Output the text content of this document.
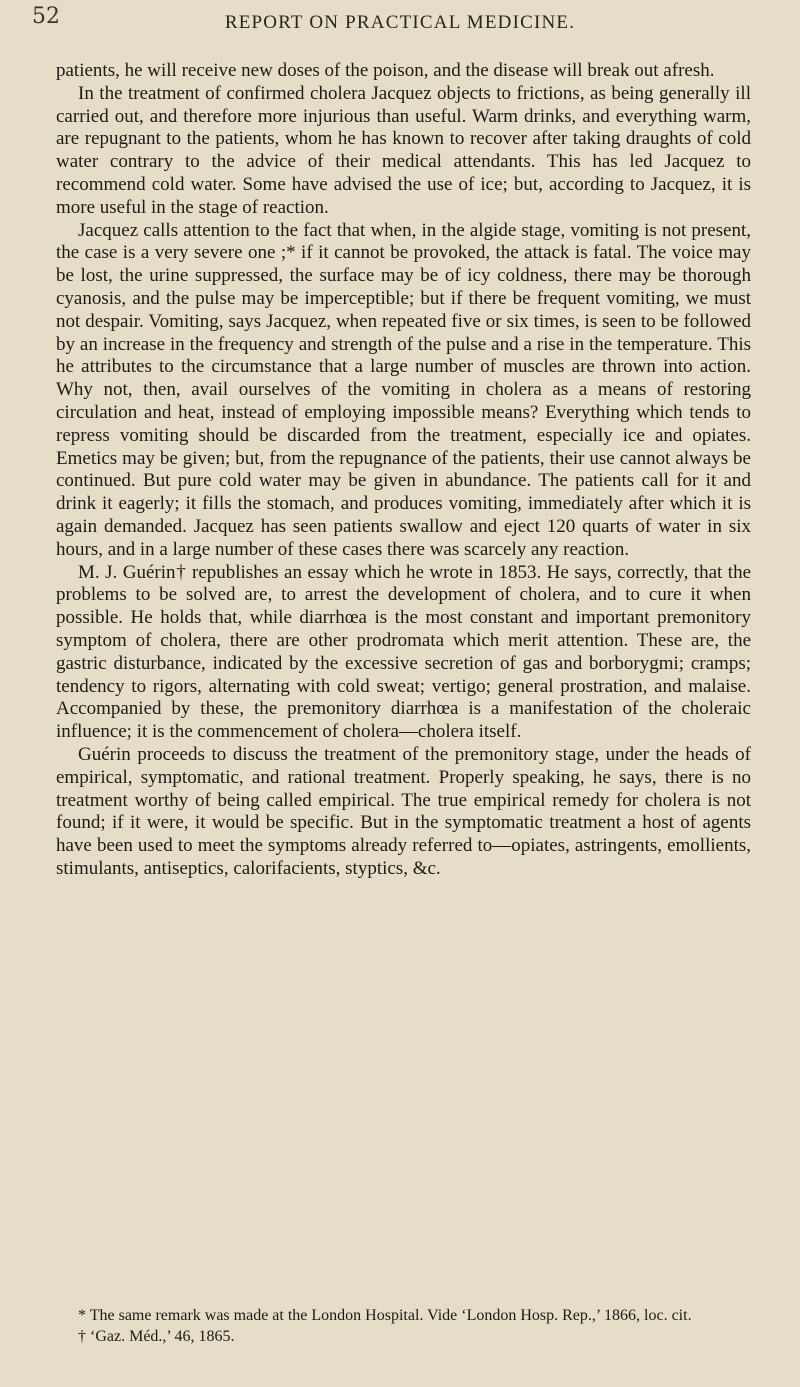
52	REPORT ON PRACTICAL MEDICINE.

patients, he will receive new doses of the poison, and the disease will break out afresh.

In the treatment of confirmed cholera Jacquez objects to frictions, as being generally ill carried out, and therefore more injurious than useful. Warm drinks, and everything warm, are repugnant to the patients, whom he has known to recover after taking draughts of cold water contrary to the advice of their medical attendants. This has led Jacquez to recommend cold water. Some have advised the use of ice; but, according to Jacquez, it is more useful in the stage of reaction.

Jacquez calls attention to the fact that when, in the algide stage, vomiting is not present, the case is a very severe one ;* if it cannot be provoked, the attack is fatal. The voice may be lost, the urine suppressed, the surface may be of icy coldness, there may be thorough cyanosis, and the pulse may be imperceptible; but if there be frequent vomiting, we must not despair. Vomiting, says Jacquez, when repeated five or six times, is seen to be followed by an increase in the frequency and strength of the pulse and a rise in the temperature. This he attributes to the circumstance that a large number of muscles are thrown into action. Why not, then, avail ourselves of the vomiting in cholera as a means of restoring circulation and heat, instead of employing impossible means? Everything which tends to repress vomiting should be discarded from the treatment, especially ice and opiates. Emetics may be given; but, from the repugnance of the patients, their use cannot always be continued. But pure cold water may be given in abundance. The patients call for it and drink it eagerly; it fills the stomach, and produces vomiting, immediately after which it is again demanded. Jacquez has seen patients swallow and eject 120 quarts of water in six hours, and in a large number of these cases there was scarcely any reaction.

M. J. Guérin† republishes an essay which he wrote in 1853. He says, correctly, that the problems to be solved are, to arrest the development of cholera, and to cure it when possible. He holds that, while diarrhœa is the most constant and important premonitory symptom of cholera, there are other prodromata which merit attention. These are, the gastric disturbance, indicated by the excessive secretion of gas and borborygmi; cramps; tendency to rigors, alternating with cold sweat; vertigo; general prostration, and malaise. Accompanied by these, the premonitory diarrhœa is a manifestation of the choleraic influence; it is the commencement of cholera—cholera itself.

Guérin proceeds to discuss the treatment of the premonitory stage, under the heads of empirical, symptomatic, and rational treatment. Properly speaking, he says, there is no treatment worthy of being called empirical. The true empirical remedy for cholera is not found; if it were, it would be specific. But in the symptomatic treatment a host of agents have been used to meet the symptoms already referred to—opiates, astringents, emollients, stimulants, antiseptics, calorifacients, styptics, &c.

* The same remark was made at the London Hospital. Vide ‘London Hosp. Rep.,’ 1866, loc. cit.

† ‘Gaz. Méd.,’ 46, 1865.
